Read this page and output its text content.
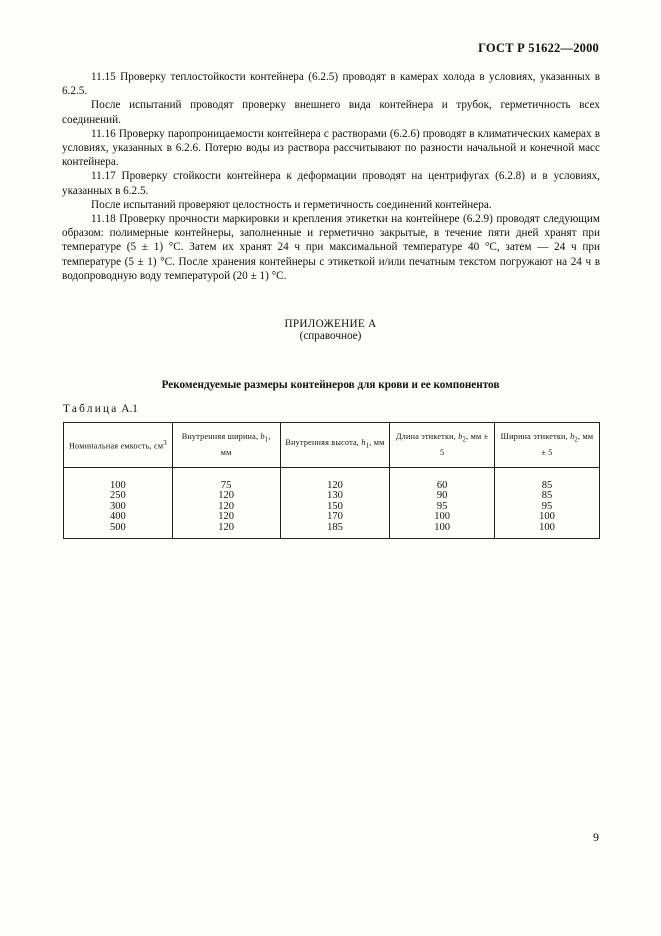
ГОСТ Р 51622—2000

11.15 Проверку теплостойкости контейнера (6.2.5) проводят в камерах холода в условиях, указанных в 6.2.5.

После испытаний проводят проверку внешнего вида контейнера и трубок, герметичность всех соединений.

11.16 Проверку паропроницаемости контейнера с растворами (6.2.6) проводят в климатических камерах в условиях, указанных в 6.2.6. Потерю воды из раствора рассчитывают по разности начальной и конечной масс контейнера.

11.17 Проверку стойкости контейнера к деформации проводят на центрифугах (6.2.8) и в условиях, указанных в 6.2.5.

После испытаний проверяют целостность и герметичность соединений контейнера.

11.18 Проверку прочности маркировки и крепления этикетки на контейнере (6.2.9) проводят следующим образом: полимерные контейнеры, заполненные и герметично закрытые, в течение пяти дней хранят при температуре (5 ± 1) °С. Затем их хранят 24 ч при максимальной температуре 40 °С, затем — 24 ч при температуре (5 ± 1) °С. После хранения контейнеры с этикеткой и/или печатным текстом погружают на 24 ч в водопроводную воду температурой (20 ± 1) °С.

ПРИЛОЖЕНИЕ А
(справочное)
Рекомендуемые размеры контейнеров для крови и ее компонентов
Таблица А.1
Номинальная емкость, $см^3$	Внутренняя ширина, $b_1$, мм	Внутренняя высота, $h_1$, мм	Длина этикетки, $b_2$, мм ± 5	Ширина этикетки, $h_2$, мм ± 5
100	75	120	60	85
250	120	130	90	85
300	120	150	95	95
400	120	170	100	100
500	120	185	100	100
9
